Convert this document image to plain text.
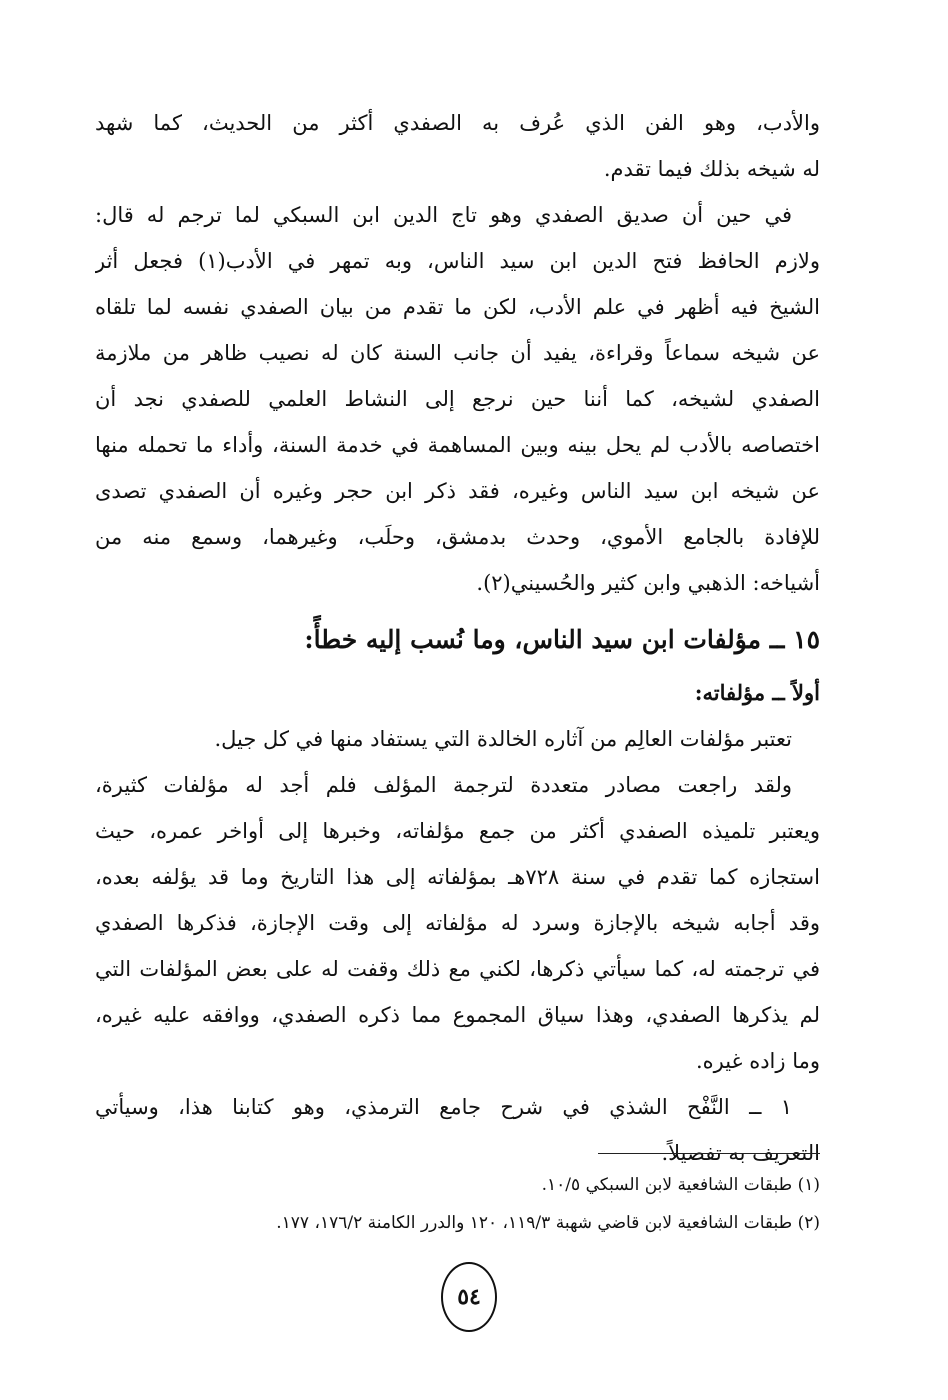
والأدب، وهو الفن الذي عُرف به الصفدي أكثر من الحديث، كما شهد
له شيخه بذلك فيما تقدم.
في حين أن صديق الصفدي وهو تاج الدين ابن السبكي لما ترجم له قال:
ولازم الحافظ فتح الدين ابن سيد الناس، وبه تمهر في الأدب(١) فجعل أثر
الشيخ فيه أظهر في علم الأدب، لكن ما تقدم من بيان الصفدي نفسه لما تلقاه
عن شيخه سماعاً وقراءة، يفيد أن جانب السنة كان له نصيب ظاهر من ملازمة
الصفدي لشيخه، كما أننا حين نرجع إلى النشاط العلمي للصفدي نجد أن
اختصاصه بالأدب لم يحل بينه وبين المساهمة في خدمة السنة، وأداء ما تحمله منها
عن شيخه ابن سيد الناس وغيره، فقد ذكر ابن حجر وغيره أن الصفدي تصدى
للإفادة بالجامع الأموي، وحدث بدمشق، وحلَب، وغيرهما، وسمع منه من
أشياخه: الذهبي وابن كثير والحُسيني(٢).
١٥ ــ مؤلفات ابن سيد الناس، وما نُسب إليه خطأً:
أولاً ــ مؤلفاته:
تعتبر مؤلفات العالِم من آثاره الخالدة التي يستفاد منها في كل جيل.
ولقد راجعت مصادر متعددة لترجمة المؤلف فلم أجد له مؤلفات كثيرة،
ويعتبر تلميذه الصفدي أكثر من جمع مؤلفاته، وخبرها إلى أواخر عمره، حيث
استجازه كما تقدم في سنة ٧٢٨هـ بمؤلفاته إلى هذا التاريخ وما قد يؤلفه بعده،
وقد أجابه شيخه بالإجازة وسرد له مؤلفاته إلى وقت الإجازة، فذكرها الصفدي
في ترجمته له، كما سيأتي ذكرها، لكني مع ذلك وقفت له على بعض المؤلفات التي
لم يذكرها الصفدي، وهذا سياق المجموع مما ذكره الصفدي، ووافقه عليه غيره،
وما زاده غيره.
١ ــ النَّفْح الشذي في شرح جامع الترمذي، وهو كتابنا هذا، وسيأتي
التعريف به تفصيلاً.
(١) طبقات الشافعية لابن السبكي ١٠/٥.
(٢) طبقات الشافعية لابن قاضي شهبة ١١٩/٣، ١٢٠ والدرر الكامنة ١٧٦/٢، ١٧٧.
٥٤
